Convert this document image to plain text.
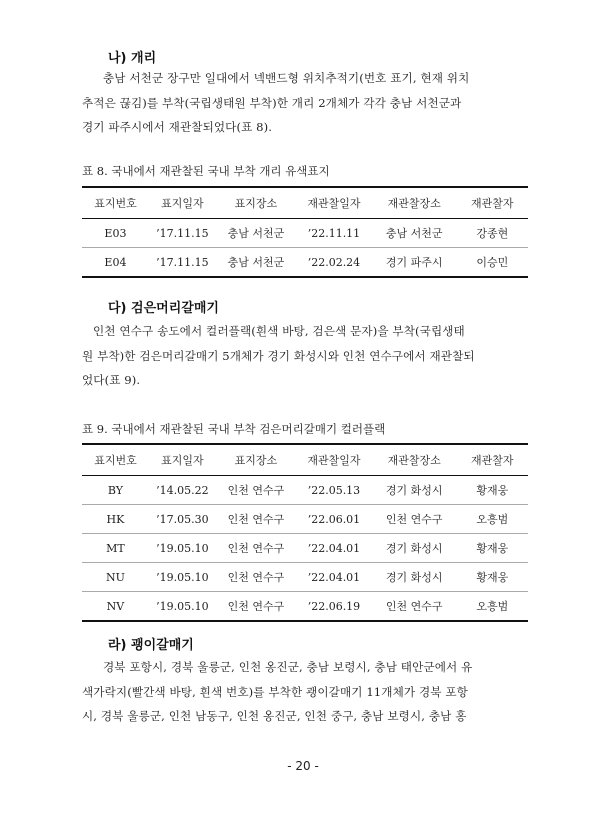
나) 개리
충남 서천군 장구만 일대에서 넥밴드형 위치추적기(번호 표기, 현재 위치
추적은 끊김)를 부착(국립생태원 부착)한 개리 2개체가 각각 충남 서천군과
경기 파주시에서 재관찰되었다(표 8).
표 8. 국내에서 재관찰된 국내 부착 개리 유색표지
표지번호	표지일자	표지장소	재관찰일자	재관찰장소	재관찰자
E03	’17.11.15	충남 서천군	’22.11.11	충남 서천군	강종현
E04	’17.11.15	충남 서천군	’22.02.24	경기 파주시	이승민
다) 검은머리갈매기
인천 연수구 송도에서 컬러플랙(흰색 바탕, 검은색 문자)을 부착(국립생태
원 부착)한 검은머리갈매기 5개체가 경기 화성시와 인천 연수구에서 재관찰되
었다(표 9).
표 9. 국내에서 재관찰된 국내 부착 검은머리갈매기 컬러플랙
표지번호	표지일자	표지장소	재관찰일자	재관찰장소	재관찰자
BY	’14.05.22	인천 연수구	’22.05.13	경기 화성시	황재웅
HK	’17.05.30	인천 연수구	’22.06.01	인천 연수구	오흥범
MT	’19.05.10	인천 연수구	’22.04.01	경기 화성시	황재웅
NU	’19.05.10	인천 연수구	’22.04.01	경기 화성시	황재웅
NV	’19.05.10	인천 연수구	’22.06.19	인천 연수구	오흥범
라) 괭이갈매기
경북 포항시, 경북 울릉군, 인천 옹진군, 충남 보령시, 충남 태안군에서 유
색가락지(빨간색 바탕, 흰색 번호)를 부착한 괭이갈매기 11개체가 경북 포항
시, 경북 울릉군, 인천 남동구, 인천 옹진군, 인천 중구, 충남 보령시, 충남 홍
- 20 -
